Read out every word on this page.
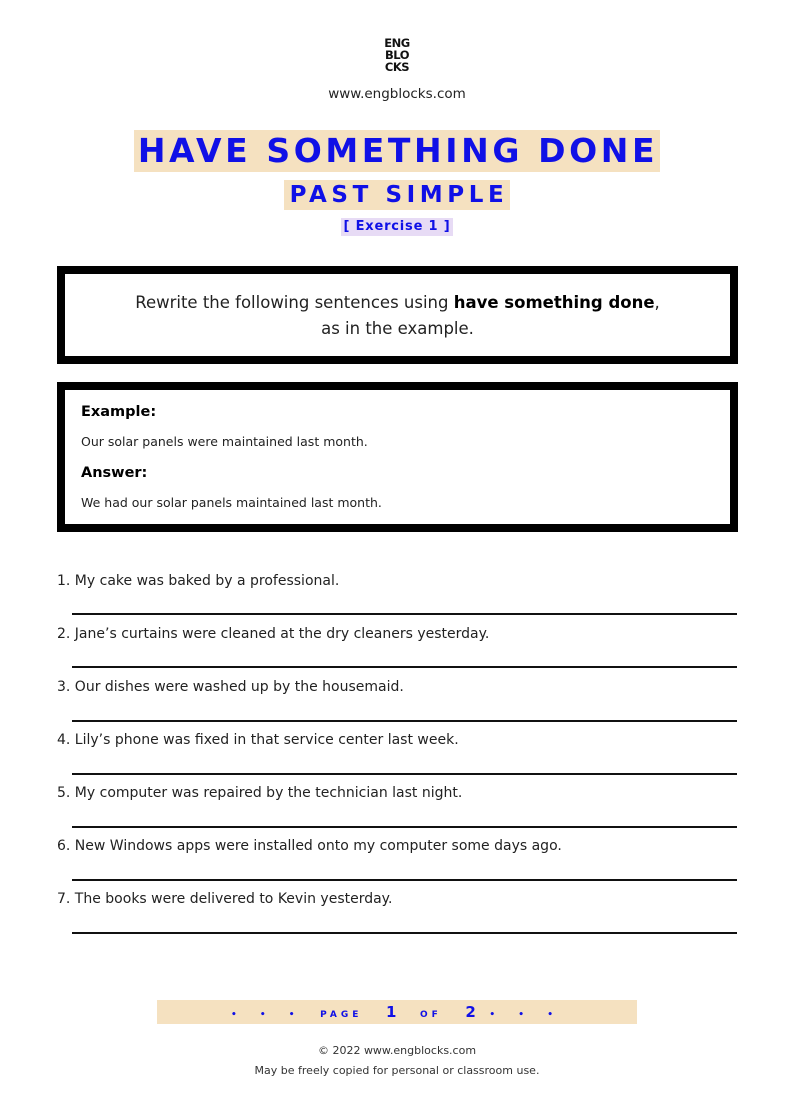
ENG
BLO
CKS
www.engblocks.com
HAVE SOMETHING DONE
PAST SIMPLE
[ Exercise 1 ]
Rewrite the following sentences using have something done,
as in the example.
Example:
Our solar panels were maintained last month.
Answer:
We had our solar panels maintained last month.
1. My cake was baked by a professional.
2. Jane’s curtains were cleaned at the dry cleaners yesterday.
3. Our dishes were washed up by the housemaid.
4. Lily’s phone was fixed in that service center last week.
5. My computer was repaired by the technician last night.
6. New Windows apps were installed onto my computer some days ago.
7. The books were delivered to Kevin yesterday.
• • • PAGE 1	OF 2 • • •
© 2022 www.engblocks.com
May be freely copied for personal or classroom use.
